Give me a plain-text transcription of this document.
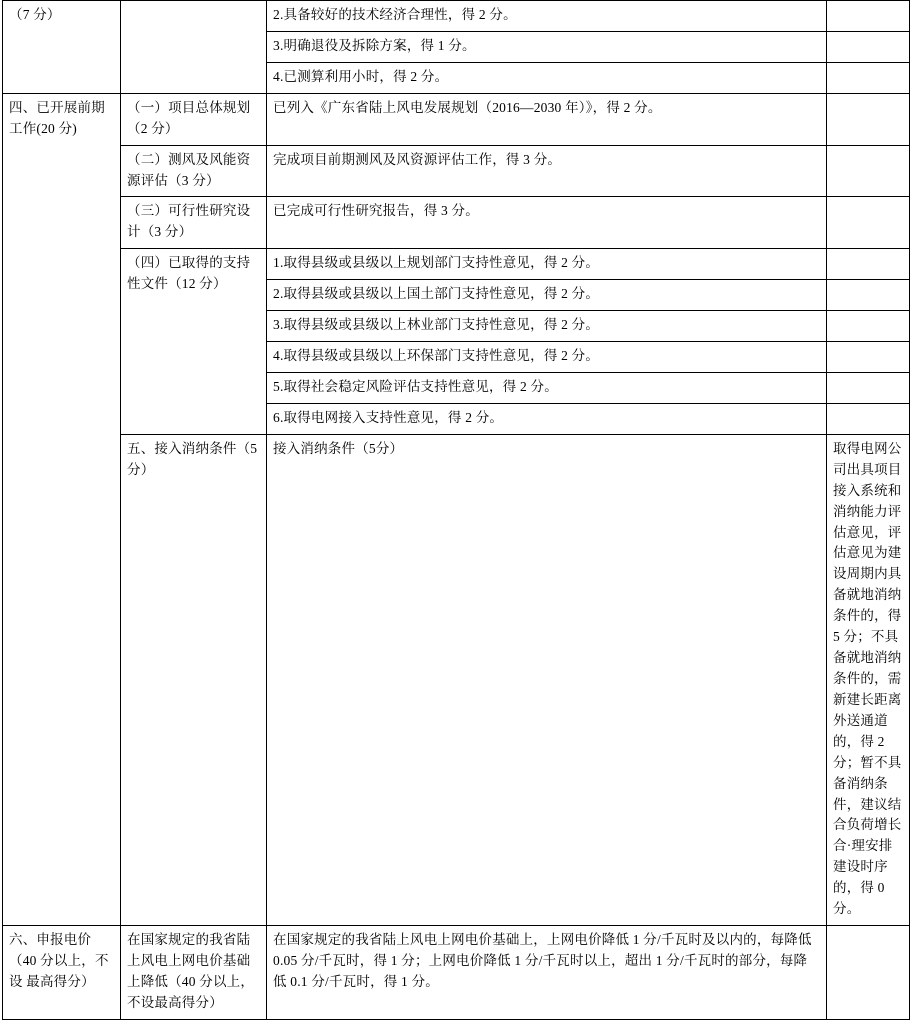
（7 分）		2.具备较好的技术经济合理性，得 2 分。		
		3.明确退役及拆除方案，得 1 分。		
		4.已测算利用小时，得 2 分。		
四、已开展前期工作(20 分)	（一）项目总体规划（2 分）	已列入《广东省陆上风电发展规划（2016—2030 年）》，得 2 分。		
	（二）测风及风能资源评估（3 分）	完成项目前期测风及风资源评估工作，得 3 分。		
	（三）可行性研究设计（3 分）	已完成可行性研究报告，得 3 分。		
	（四）已取得的支持性文件（12 分）	1.取得县级或县级以上规划部门支持性意见，得 2 分。		
		2.取得县级或县级以上国土部门支持性意见，得 2 分。		
		3.取得县级或县级以上林业部门支持性意见，得 2 分。		
		4.取得县级或县级以上环保部门支持性意见，得 2 分。		
		5.取得社会稳定风险评估支持性意见，得 2 分。		
		6.取得电网接入支持性意见，得 2 分。		
	五、接入消纳条件（5 分）	接入消纳条件（5分）	取得电网公司出具项目接入系统和消纳能力评估意见，评估意见为建设周期内具备就地消纳条件的，得 5 分；不具备就地消纳条件的，需新建长距离外送通道的，得 2 分；暂不具备消纳条件，建议结合负荷增长合·理安排建设时序的，得 0 分。	
六、申报电价（40 分以上，不设 最高得分）	在国家规定的我省陆上风电上网电价基础上降低（40 分以上，不设最高得分）	在国家规定的我省陆上风电上网电价基础上，上网电价降低 1 分/千瓦时及以内的，每降低 0.05 分/千瓦时，得 1 分；上网电价降低 1 分/千瓦时以上，超出 1 分/千瓦时的部分，每降低 0.1 分/千瓦时，得 1 分。		
